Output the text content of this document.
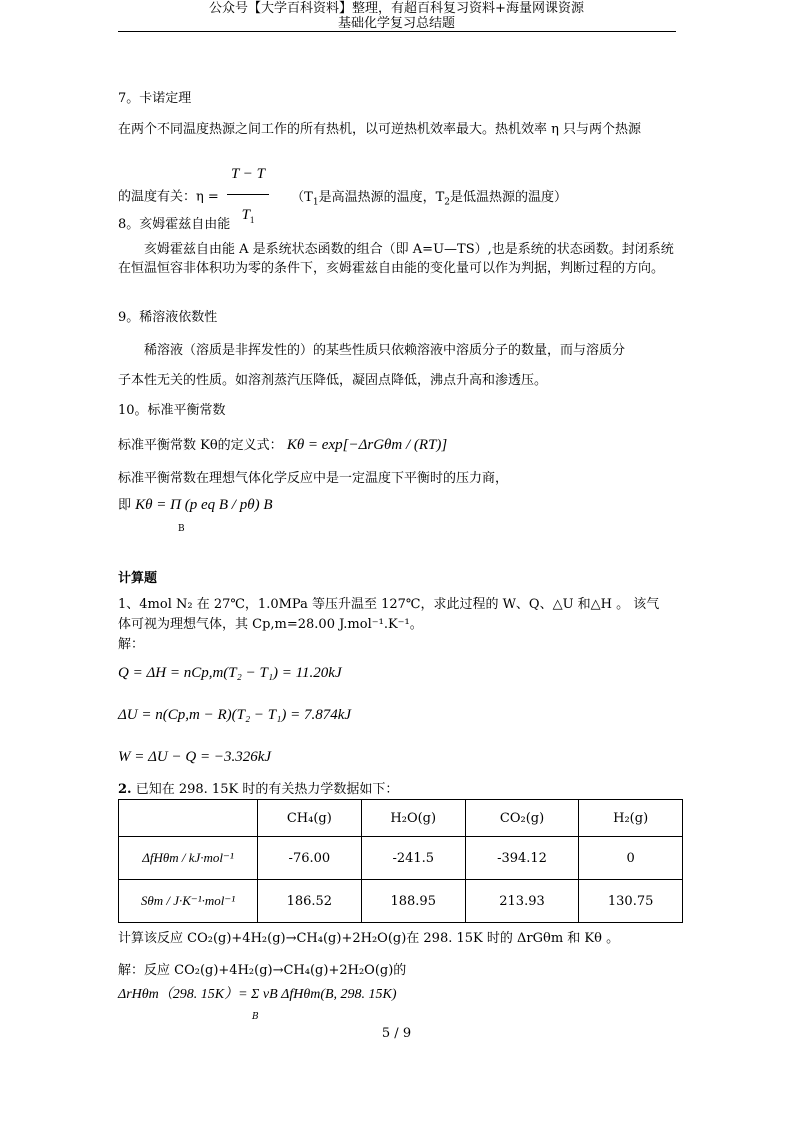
公众号【大学百科资料】整理，有超百科复习资料+海量网课资源
基础化学复习总结题
7。卡诺定理
在两个不同温度热源之间工作的所有热机，以可逆热机效率最大。热机效率 η 只与两个热源
的温度有关：$\eta = \frac{T - T}{T_1} (T_1$是高温热源的温度，$T_2$是低温热源的温度）
8。亥姆霍兹自由能
亥姆霍兹自由能 A 是系统状态函数的组合（即 A=U—TS）,也是系统的状态函数。封闭系统在恒温恒容非体积功为零的条件下，亥姆霍兹自由能的变化量可以作为判据，判断过程的方向。
9。稀溶液依数性
稀溶液（溶质是非挥发性的）的某些性质只依赖溶液中溶质分子的数量，而与溶质分
子本性无关的性质。如溶剂蒸汽压降低，凝固点降低，沸点升高和渗透压。
10。标准平衡常数
标准平衡常数 Kθ的定义式： Kθ = exp[−ΔrGθm / (RT)]
标准平衡常数在理想气体化学反应中是一定温度下平衡时的压力商，
即 Kθ = Π (p eq B / pθ) B
B
计算题
1、4mol N₂ 在 27℃，1.0MPa 等压升温至 127℃，求此过程的 W、Q、△U 和△H 。 该气
体可视为理想气体，其 Cp,m=28.00 J.mol⁻¹.K⁻¹。
解：
Q = ΔH = nCp,m(T₂ − T₁) = 11.20kJ
ΔU = n(Cp,m − R)(T₂ − T₁) = 7.874kJ
W = ΔU − Q = −3.326kJ
2. 已知在 298. 15K 时的有关热力学数据如下：
	CH₄(g)	H₂O(g)	CO₂(g)	H₂(g)
ΔfHθm / kJ·mol⁻¹	-76.00	-241.5	-394.12	0
Sθm / J·K⁻¹·mol⁻¹	186.52	188.95	213.93	130.75
计算该反应 CO₂(g)+4H₂(g)→CH₄(g)+2H₂O(g)在 298. 15K 时的 ΔrGθm 和 Kθ 。
解：反应 CO₂(g)+4H₂(g)→CH₄(g)+2H₂O(g)的
ΔrHθm（298. 15K）= Σ νB ΔfHθm(B, 298. 15K)
B
5 / 9
